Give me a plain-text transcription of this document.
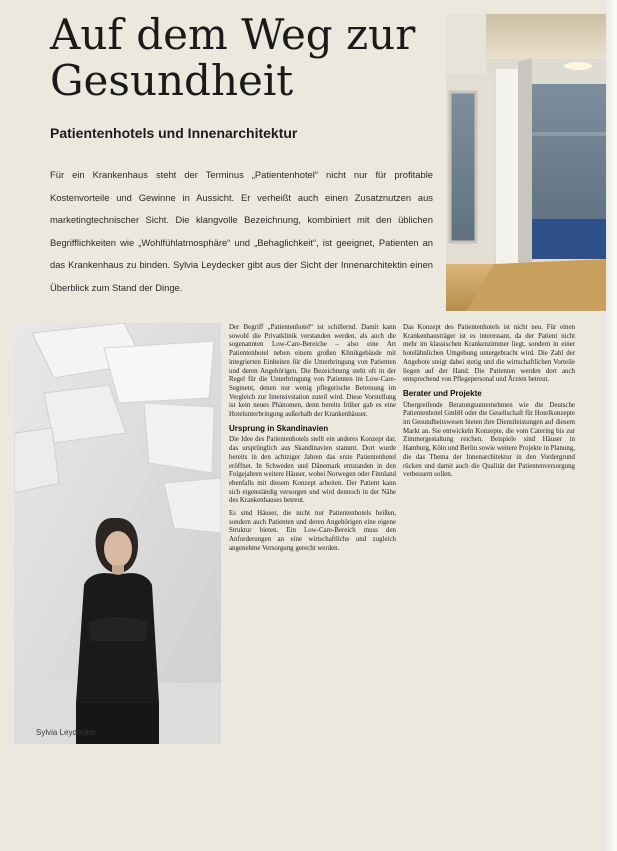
Auf dem Weg zur Gesundheit
Patientenhotels und Innenarchitektur

Für ein Krankenhaus steht der Terminus „Patientenhotel“ nicht nur für profitable Kostenvorteile und Gewinne in Aussicht. Er verheißt auch einen Zusatznutzen aus marketingtechnischer Sicht. Die klangvolle Bezeichnung, kombiniert mit den üblichen Begrifflichkeiten wie „Wohlfühlatmosphäre“ und „Behaglichkeit“, ist geeignet, Patienten an das Krankenhaus zu binden. Sylvia Leydecker gibt aus der Sicht der Innenarchitektin einen Überblick zum Stand der Dinge.

Sylvia Leydecker

Der Begriff „Patientenhotel“ ist schillernd. Damit kann sowohl die Privatklinik verstanden werden, als auch die sogenannten Low-Care-Bereiche – also eine Art Patientenhotel neben einem großen Klinikgebäude mit integrierten Einheiten für die Unterbringung von Patienten und deren Angehörigen. Die Bezeichnung steht oft in der Regel für die Unterbringung von Patienten im Low-Care-Segment, denen nur wenig pflegerische Betreuung im Vergleich zur Intensivstation zuteil wird. Diese Vorstellung ist kein neues Phänomen, denn bereits früher gab es eine Hotelunterbringung außerhalb der Krankenhäuser.

Ursprung in Skandinavien

Die Idee des Patientenhotels stellt ein anderes Konzept dar, das ursprünglich aus Skandinavien stammt. Dort wurde bereits in den achtziger Jahren das erste Patientenhotel eröffnet. In Schweden und Dänemark entstanden in den Folgejahren weitere Häuser, wobei Norwegen oder Finnland ebenfalls mit diesem Konzept arbeiten. Der Patient kann sich eigenständig versorgen und wird dennoch in der Nähe des Krankenhauses betreut.

Es sind Häuser, die nicht nur Patientenhotels heißen, sondern auch Patienten und deren Angehörigen eine eigene Struktur bieten. Ein Low-Care-Bereich muss den Anforderungen an eine wirtschaftliche und zugleich angenehme Versorgung gerecht werden.

Das Konzept des Patientenhotels ist nicht neu. Für einen Krankenhausträger ist es interessant, da der Patient nicht mehr im klassischen Krankenzimmer liegt, sondern in einer hotelähnlichen Umgebung untergebracht wird. Die Zahl der Angebote steigt dabei stetig und die wirtschaftlichen Vorteile liegen auf der Hand. Die Patienten werden dort auch entsprechend von Pflegepersonal und Ärzten betreut.

Berater und Projekte

Übergreifende Beratungsunternehmen wie die Deutsche Patientenhotel GmbH oder die Gesellschaft für Hotelkonzepte im Gesundheitswesen bieten ihre Dienstleistungen auf diesem Markt an. Sie entwickeln Konzepte, die vom Catering bis zur Zimmergestaltung reichen. Beispiele sind Häuser in Hamburg, Köln und Berlin sowie weitere Projekte in Planung, die das Thema der Innenarchitektur in den Vordergrund rücken und damit auch die Qualität der Patientenversorgung verbessern sollen.
